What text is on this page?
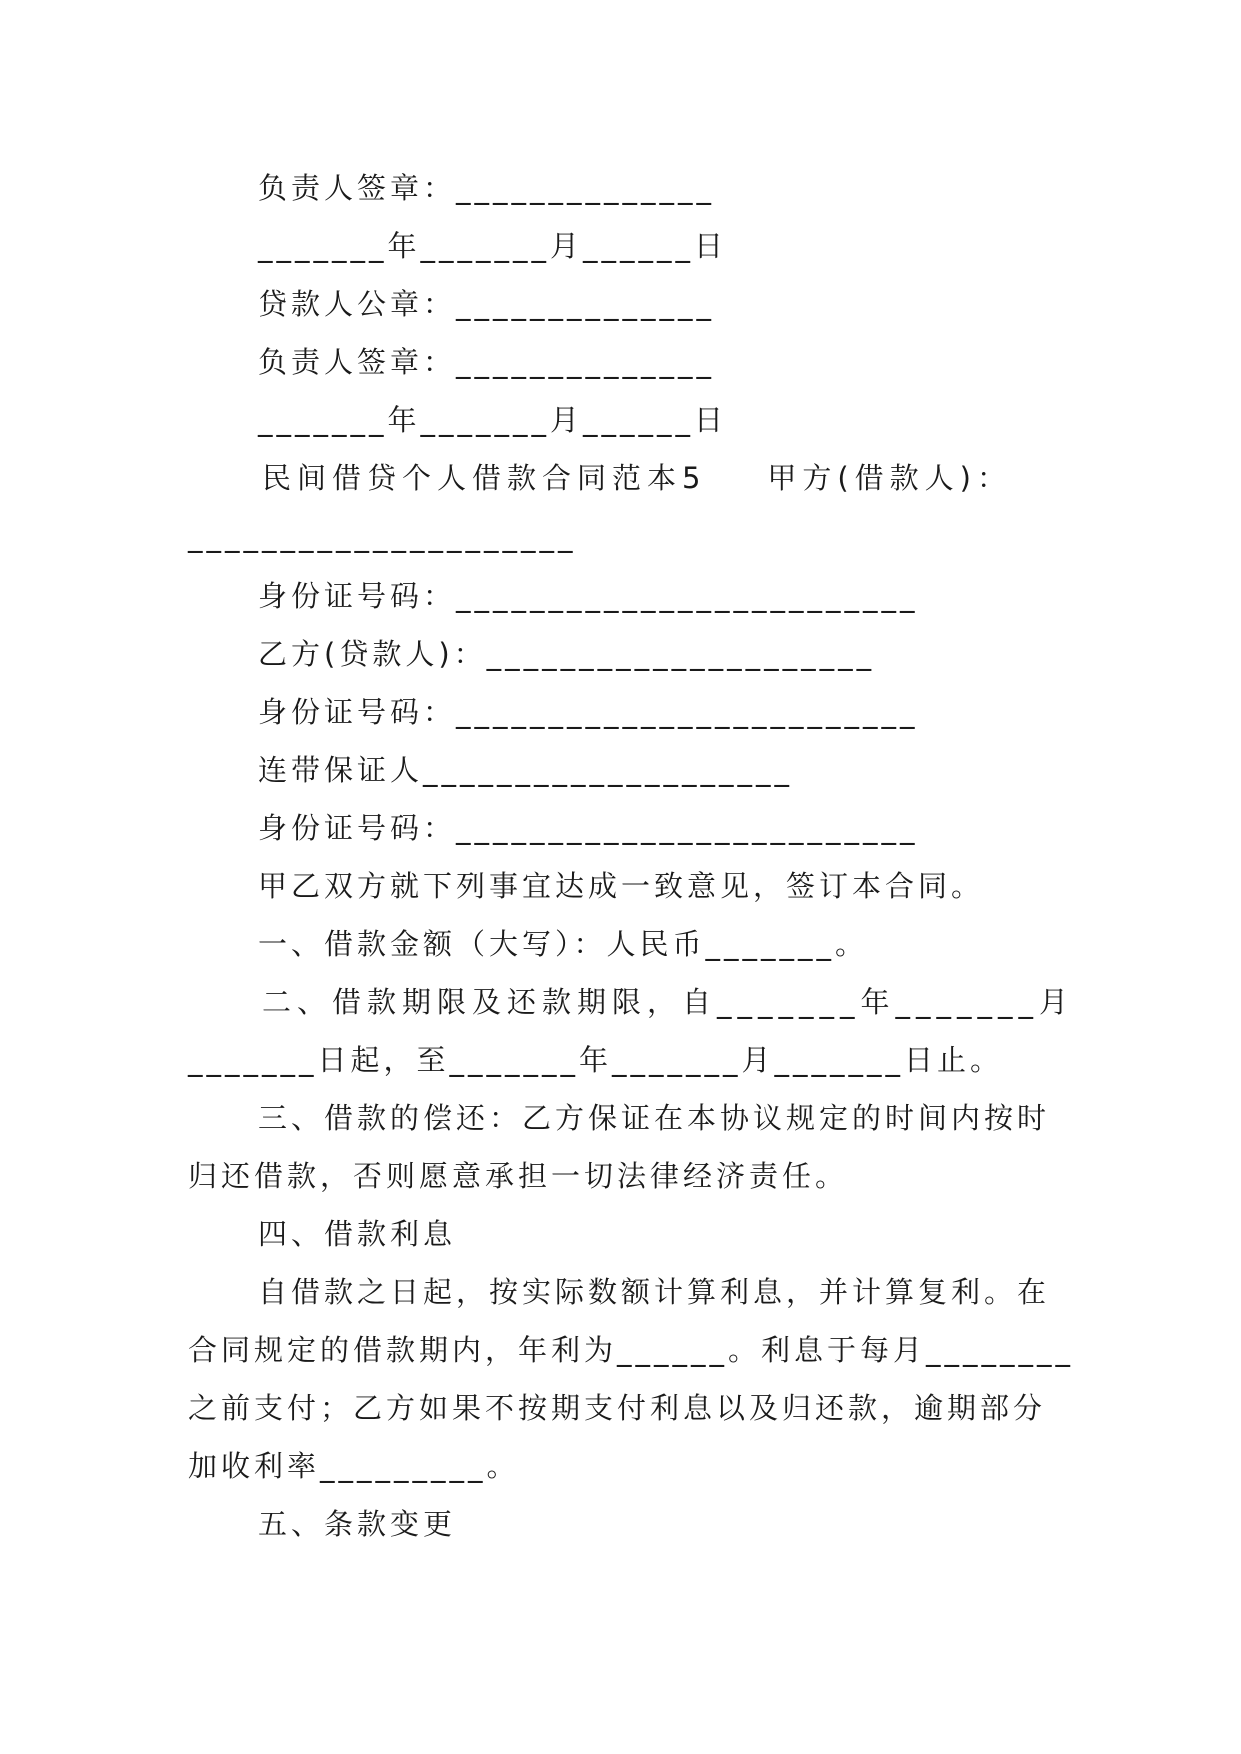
负责人签章：______________
_______年_______月______日
贷款人公章：______________
负责人签章：______________
_______年_______月______日
民间借贷个人借款合同范本5    甲方(借款人)：
_____________________
身份证号码：_________________________
乙方(贷款人)：_____________________
身份证号码：_________________________
连带保证人____________________
身份证号码：_________________________
甲乙双方就下列事宜达成一致意见，签订本合同。
一、借款金额（大写）：人民币_______。
二、借款期限及还款期限，自_______年_______月
_______日起，至_______年_______月_______日止。
三、借款的偿还：乙方保证在本协议规定的时间内按时
归还借款，否则愿意承担一切法律经济责任。
四、借款利息
自借款之日起，按实际数额计算利息，并计算复利。在
合同规定的借款期内，年利为______。利息于每月________
之前支付；乙方如果不按期支付利息以及归还款，逾期部分
加收利率_________。
五、条款变更
